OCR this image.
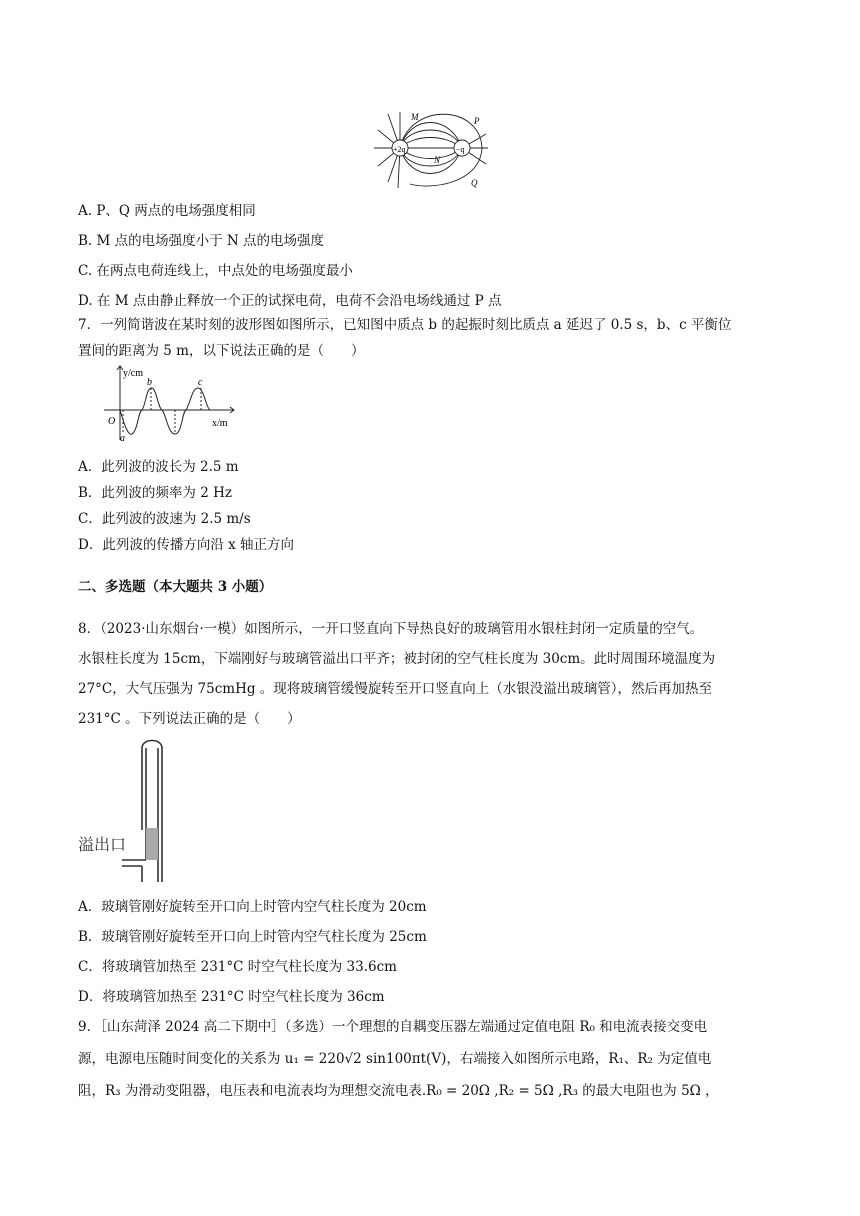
+2q	−q
M
N
P
Q
A. P、Q 两点的电场强度相同
B. M 点的电场强度小于 N 点的电场强度
C. 在两点电荷连线上，中点处的电场强度最小
D. 在 M 点由静止释放一个正的试探电荷，电荷不会沿电场线通过 P 点
7．一列简谐波在某时刻的波形图如图所示，已知图中质点 b 的起振时刻比质点 a 延迟了 0.5 s，b、c 平衡位
置间的距离为 5 m，以下说法正确的是（　　）
y/cm
x/m
O
a
b	c
A．此列波的波长为 2.5 m
B．此列波的频率为 2 Hz
C．此列波的波速为 2.5 m/s
D．此列波的传播方向沿 x 轴正方向
二、多选题（本大题共 3 小题）
8．（2023·山东烟台·一模）如图所示，一开口竖直向下导热良好的玻璃管用水银柱封闭一定质量的空气。
水银柱长度为 15cm，下端刚好与玻璃管溢出口平齐；被封闭的空气柱长度为 30cm。此时周围环境温度为
27°C，大气压强为 75cmHg 。现将玻璃管缓慢旋转至开口竖直向上（水银没溢出玻璃管），然后再加热至
231°C 。下列说法正确的是（　　）
溢出口
A．玻璃管刚好旋转至开口向上时管内空气柱长度为 20cm
B．玻璃管刚好旋转至开口向上时管内空气柱长度为 25cm
C．将玻璃管加热至 231°C 时空气柱长度为 33.6cm
D．将玻璃管加热至 231°C 时空气柱长度为 36cm
9．［山东菏泽 2024 高二下期中］（多选）一个理想的自耦变压器左端通过定值电阻 R₀ 和电流表接交变电
源，电源电压随时间变化的关系为 u₁ = 220√2 sin100πt(V)，右端接入如图所示电路，R₁、R₂ 为定值电
阻，R₃ 为滑动变阻器，电压表和电流表均为理想交流电表.R₀ = 20Ω ,R₂ = 5Ω ,R₃ 的最大电阻也为 5Ω ，
